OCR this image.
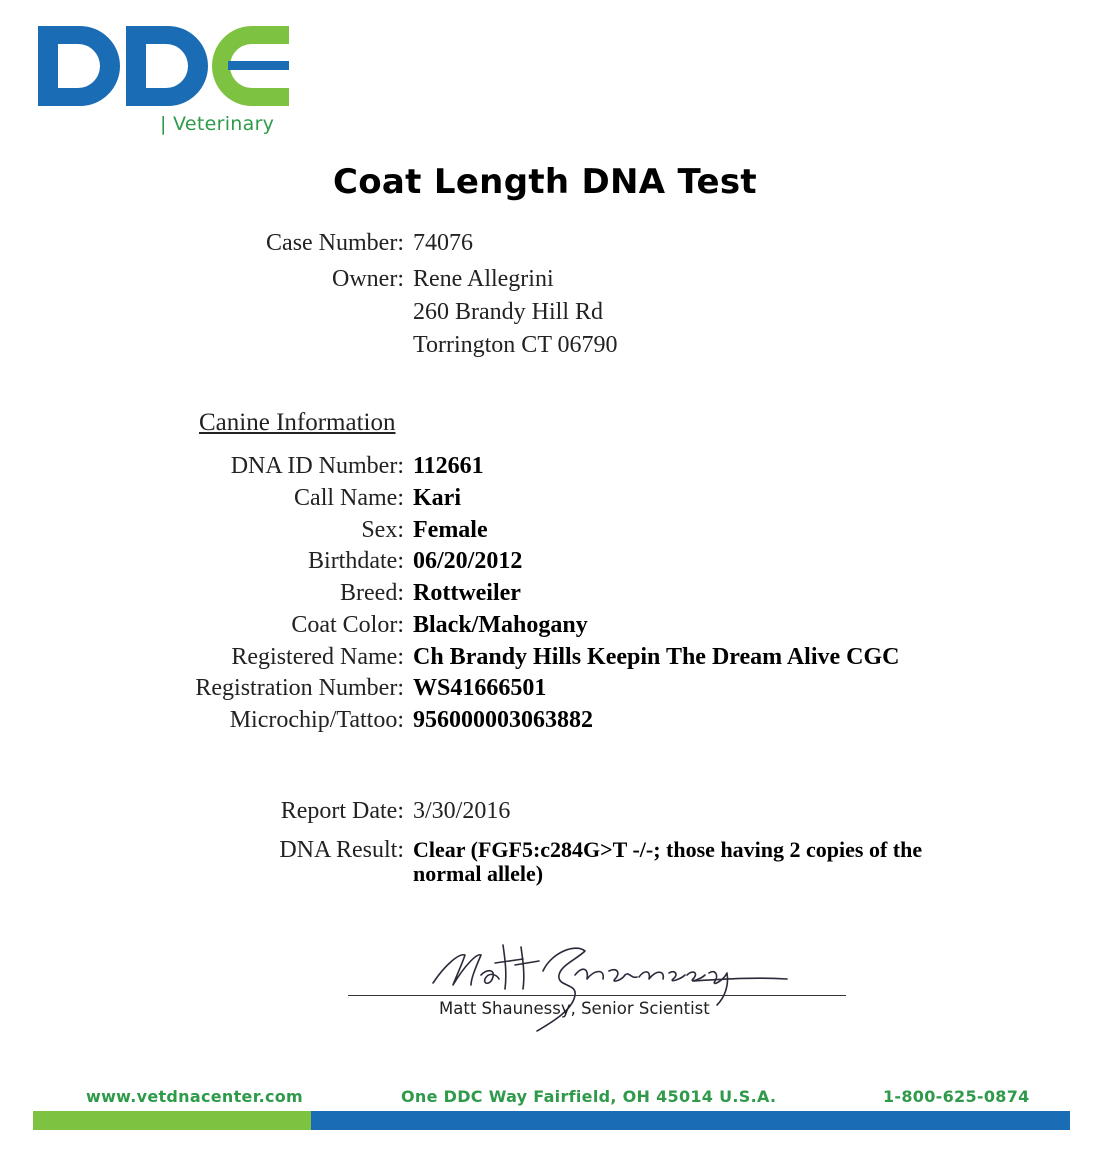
| Veterinary
Coat Length DNA Test
Case Number: 74076
Owner: Rene Allegrini
260 Brandy Hill Rd
Torrington CT 06790
Canine Information
DNA ID Number: 112661
Call Name: Kari
Sex: Female
Birthdate: 06/20/2012
Breed: Rottweiler
Coat Color: Black/Mahogany
Registered Name: Ch Brandy Hills Keepin The Dream Alive CGC
Registration Number: WS41666501
Microchip/Tattoo: 956000003063882
Report Date: 3/30/2016
DNA Result: Clear (FGF5:c284G>T -/-; those having 2 copies of the normal allele)
Matt Shaunessy, Senior Scientist
www.vetdnacenter.com	One DDC Way Fairfield, OH 45014 U.S.A.	1-800-625-0874
